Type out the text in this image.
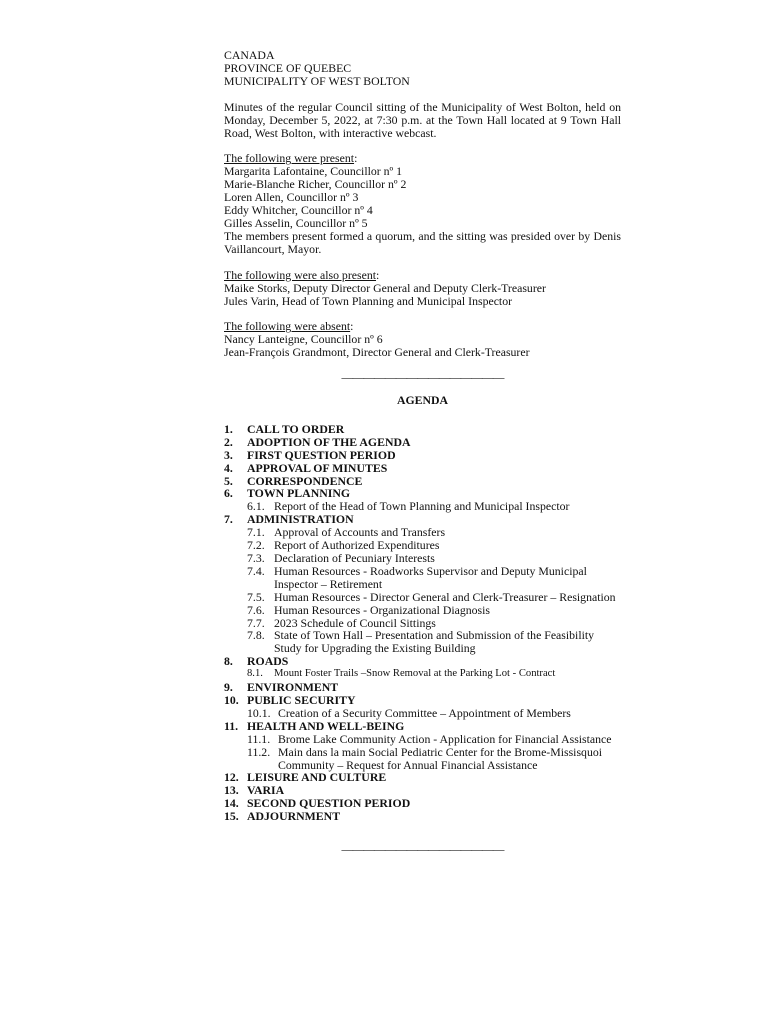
CANADA
PROVINCE OF QUEBEC
MUNICIPALITY OF WEST BOLTON
Minutes of the regular Council sitting of the Municipality of West Bolton, held on Monday, December 5, 2022, at 7:30 p.m. at the Town Hall located at 9 Town Hall Road, West Bolton, with interactive webcast.
The following were present:
Margarita Lafontaine, Councillor nº 1
Marie-Blanche Richer, Councillor nº 2
Loren Allen, Councillor nº 3
Eddy Whitcher, Councillor nº 4
Gilles Asselin, Councillor nº 5
The members present formed a quorum, and the sitting was presided over by Denis Vaillancourt, Mayor.
The following were also present:
Maike Storks, Deputy Director General and Deputy Clerk-Treasurer
Jules Varin, Head of Town Planning and Municipal Inspector
The following were absent:
Nancy Lanteigne, Councillor nº 6
Jean-François Grandmont, Director General and Clerk-Treasurer
———————————————
AGENDA
1.	CALL TO ORDER
2.	ADOPTION OF THE AGENDA
3.	FIRST QUESTION PERIOD
4.	APPROVAL OF MINUTES
5.	CORRESPONDENCE
6.	TOWN PLANNING
6.1. Report of the Head of Town Planning and Municipal Inspector
7.	ADMINISTRATION
7.1. Approval of Accounts and Transfers
7.2. Report of Authorized Expenditures
7.3. Declaration of Pecuniary Interests
7.4. Human Resources - Roadworks Supervisor and Deputy Municipal Inspector – Retirement
7.5. Human Resources - Director General and Clerk-Treasurer – Resignation
7.6. Human Resources - Organizational Diagnosis
7.7. 2023 Schedule of Council Sittings
7.8. State of Town Hall – Presentation and Submission of the Feasibility Study for Upgrading the Existing Building
8.	ROADS
8.1.	Mount Foster Trails –Snow Removal at the Parking Lot - Contract
9.	ENVIRONMENT
10. PUBLIC SECURITY
10.1. Creation of a Security Committee – Appointment of Members
11. HEALTH AND WELL-BEING
11.1. Brome Lake Community Action - Application for Financial Assistance
11.2. Main dans la main Social Pediatric Center for the Brome-Missisquoi Community – Request for Annual Financial Assistance
12. LEISURE AND CULTURE
13. VARIA
14. SECOND QUESTION PERIOD
15. ADJOURNMENT
———————————————
